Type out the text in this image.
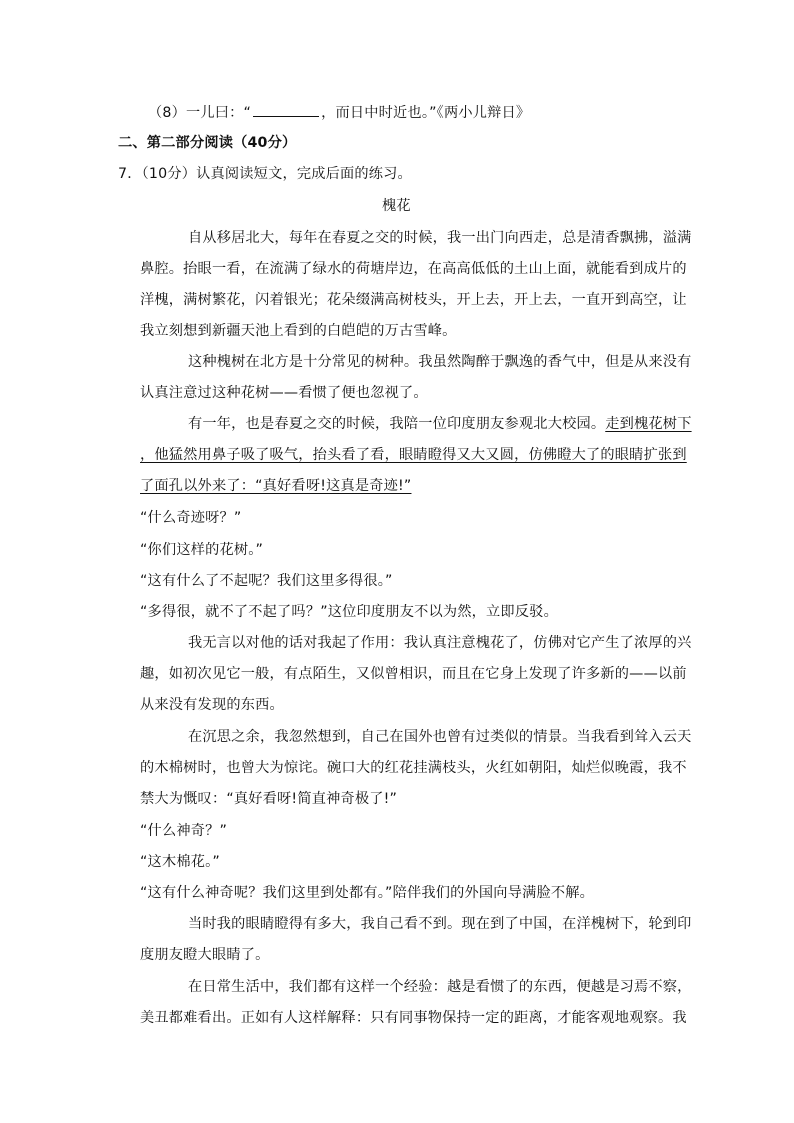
（8）一儿曰：“	，而日中时近也。”《两小儿辩日》
二、第二部分阅读（40分）
7．（10分）认真阅读短文，完成后面的练习。
槐花
自从移居北大，每年在春夏之交的时候，我一出门向西走，总是清香飘拂，溢满
鼻腔。抬眼一看，在流满了绿水的荷塘岸边，在高高低低的土山上面，就能看到成片的
洋槐，满树繁花，闪着银光；花朵缀满高树枝头，开上去，开上去，一直开到高空，让
我立刻想到新疆天池上看到的白皑皑的万古雪峰。
这种槐树在北方是十分常见的树种。我虽然陶醉于飘逸的香气中，但是从来没有
认真注意过这种花树——看惯了便也忽视了。
有一年，也是春夏之交的时候，我陪一位印度朋友参观北大校园。走到槐花树下
，他猛然用鼻子吸了吸气，抬头看了看，眼睛瞪得又大又圆，仿佛瞪大了的眼睛扩张到
了面孔以外来了：“真好看呀!这真是奇迹!”
“什么奇迹呀？”
“你们这样的花树。”
“这有什么了不起呢？我们这里多得很。”
“多得很，就不了不起了吗？”这位印度朋友不以为然，立即反驳。
我无言以对他的话对我起了作用：我认真注意槐花了，仿佛对它产生了浓厚的兴
趣，如初次见它一般，有点陌生，又似曾相识，而且在它身上发现了许多新的——以前
从来没有发现的东西。
在沉思之余，我忽然想到，自己在国外也曾有过类似的情景。当我看到耸入云天
的木棉树时，也曾大为惊诧。碗口大的红花挂满枝头，火红如朝阳，灿烂似晚霞，我不
禁大为慨叹：“真好看呀!简直神奇极了!”
“什么神奇？”
“这木棉花。”
“这有什么神奇呢？我们这里到处都有。”陪伴我们的外国向导满脸不解。
当时我的眼睛瞪得有多大，我自己看不到。现在到了中国，在洋槐树下，轮到印
度朋友瞪大眼睛了。
在日常生活中，我们都有这样一个经验：越是看惯了的东西，便越是习焉不察，
美丑都难看出。正如有人这样解释：只有同事物保持一定的距离，才能客观地观察。我
